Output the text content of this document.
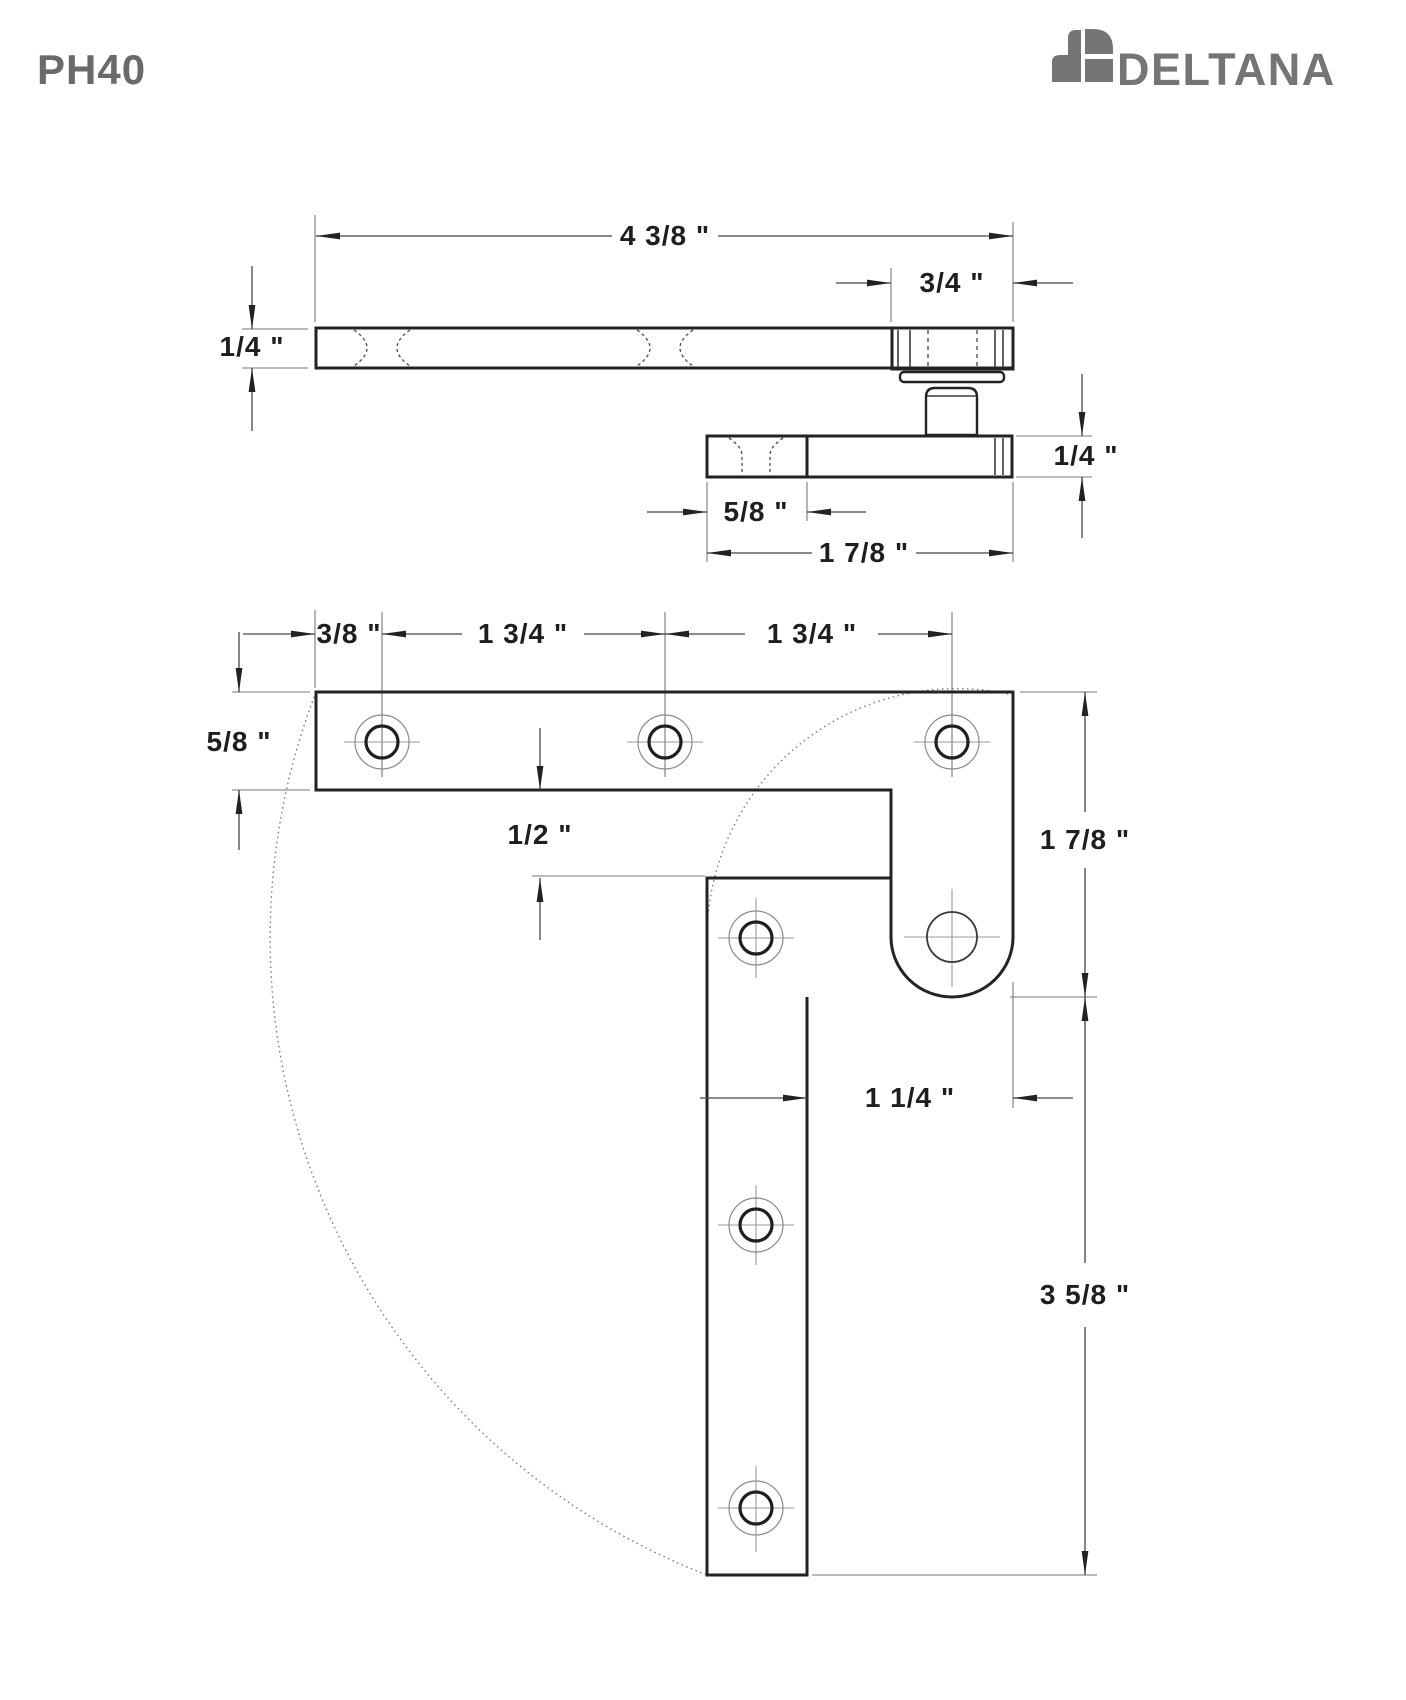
PH40	DELTANA
4 3/8 "
3/4 "
1/4 "
1/4 "
5/8 "
1 7/8 "
3/8 "	1 3/4 "	1 3/4 "
5/8 "
1/2 "	1 7/8 "
1 1/4 "
3 5/8 "
